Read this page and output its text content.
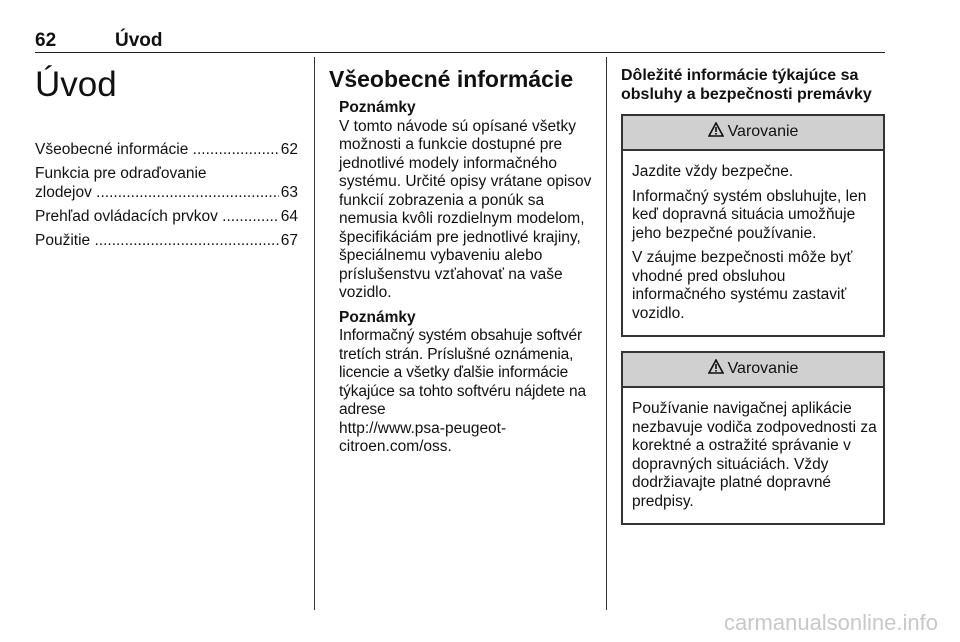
62	Úvod
Úvod
Všeobecné informácie .....	62
Funkcia pre odraďovanie
zlodejov .....	63
Prehľad ovládacích prvkov .....	64
Použitie .....	67
Všeobecné informácie
Poznámky
V tomto návode sú opísané všetky možnosti a funkcie dostupné pre jednotlivé modely informačného systému. Určité opisy vrátane opisov funkcií zobrazenia a ponúk sa nemusia kvôli rozdielnym modelom, špecifikáciám pre jednotlivé krajiny, špeciálnemu vybaveniu alebo príslušenstvu vzťahovať na vaše vozidlo.
Poznámky
Informačný systém obsahuje softvér tretích strán. Príslušné oznámenia, licencie a všetky ďalšie informácie týkajúce sa tohto softvéru nájdete na adrese
http://www.psa-peugeot-
citroen.com/oss.
Dôležité informácie týkajúce sa
obsluhy a bezpečnosti premávky
Varovanie

Jazdite vždy bezpečne.

Informačný systém obsluhujte, len keď dopravná situácia umožňuje jeho bezpečné používanie.

V záujme bezpečnosti môže byť vhodné pred obsluhou informačného systému zastaviť vozidlo.

Varovanie

Používanie navigačnej aplikácie nezbavuje vodiča zodpovednosti za korektné a ostražité správanie v dopravných situáciách. Vždy dodržiavajte platné dopravné predpisy.

carmanualsonline.info
